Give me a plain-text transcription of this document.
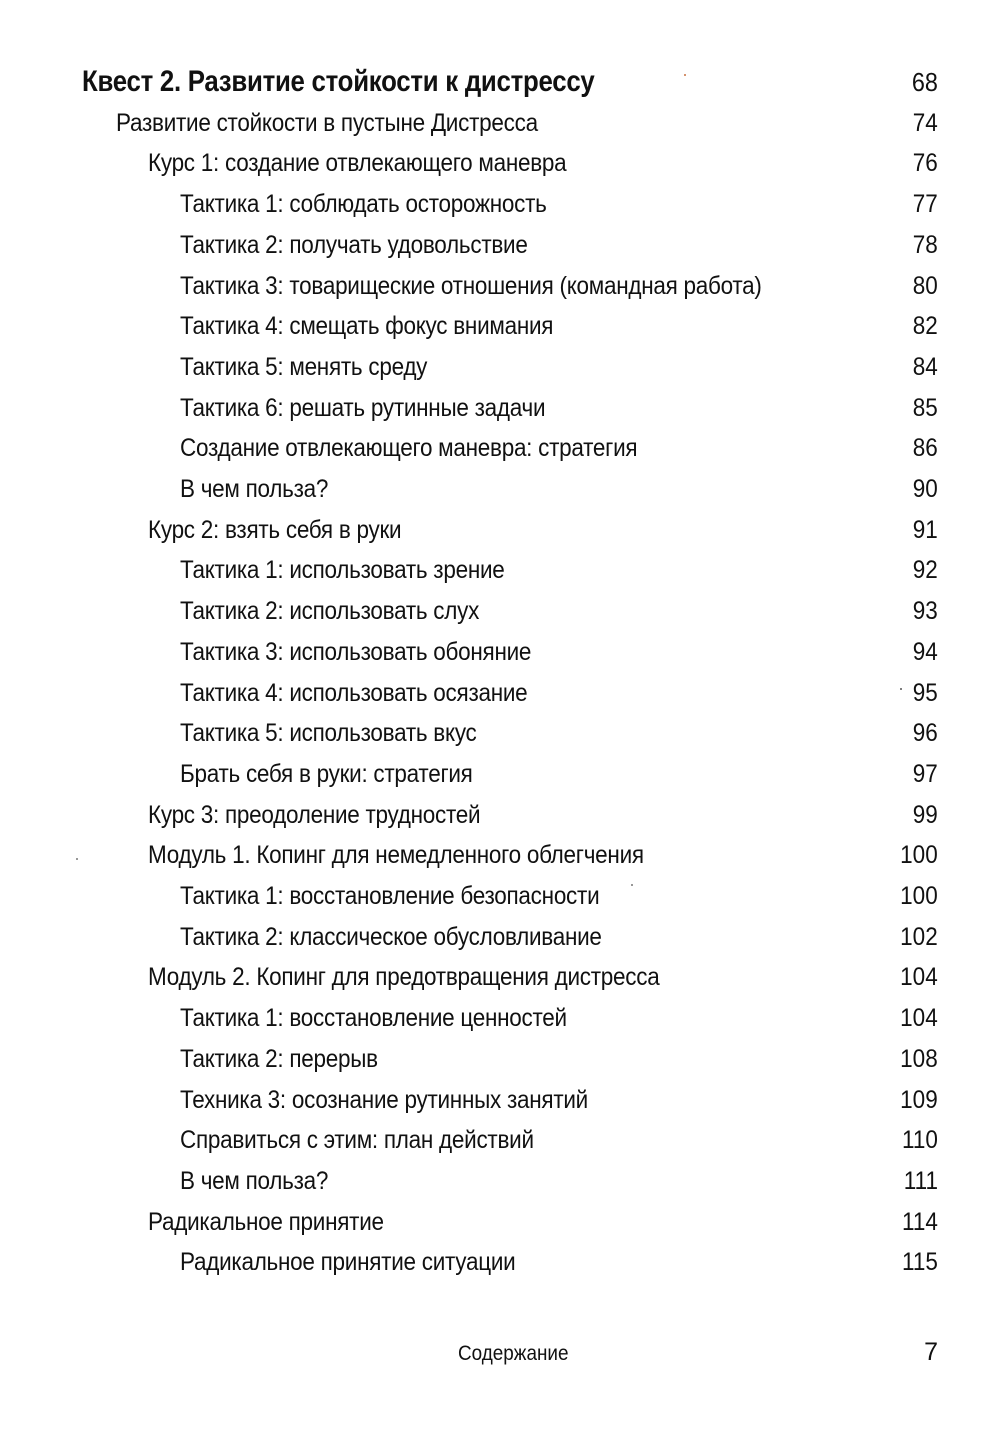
Квест 2. Развитие стойкости к дистрессу	68
Развитие стойкости в пустыне Дистресса	74
Курс 1: создание отвлекающего маневра	76
Тактика 1: соблюдать осторожность	77
Тактика 2: получать удовольствие	78
Тактика 3: товарищеские отношения (командная работа)	80
Тактика 4: смещать фокус внимания	82
Тактика 5: менять среду	84
Тактика 6: решать рутинные задачи	85
Создание отвлекающего маневра: стратегия	86
В чем польза?	90
Курс 2: взять себя в руки	91
Тактика 1: использовать зрение	92
Тактика 2: использовать слух	93
Тактика 3: использовать обоняние	94
Тактика 4: использовать осязание	95
Тактика 5: использовать вкус	96
Брать себя в руки: стратегия	97
Курс 3: преодоление трудностей	99
Модуль 1. Копинг для немедленного облегчения	100
Тактика 1: восстановление безопасности	100
Тактика 2: классическое обусловливание	102
Модуль 2. Копинг для предотвращения дистресса	104
Тактика 1: восстановление ценностей	104
Тактика 2: перерыв	108
Техника 3: осознание рутинных занятий	109
Справиться с этим: план действий	110
В чем польза?	111
Радикальное принятие	114
Радикальное принятие ситуации	115
Содержание	7
